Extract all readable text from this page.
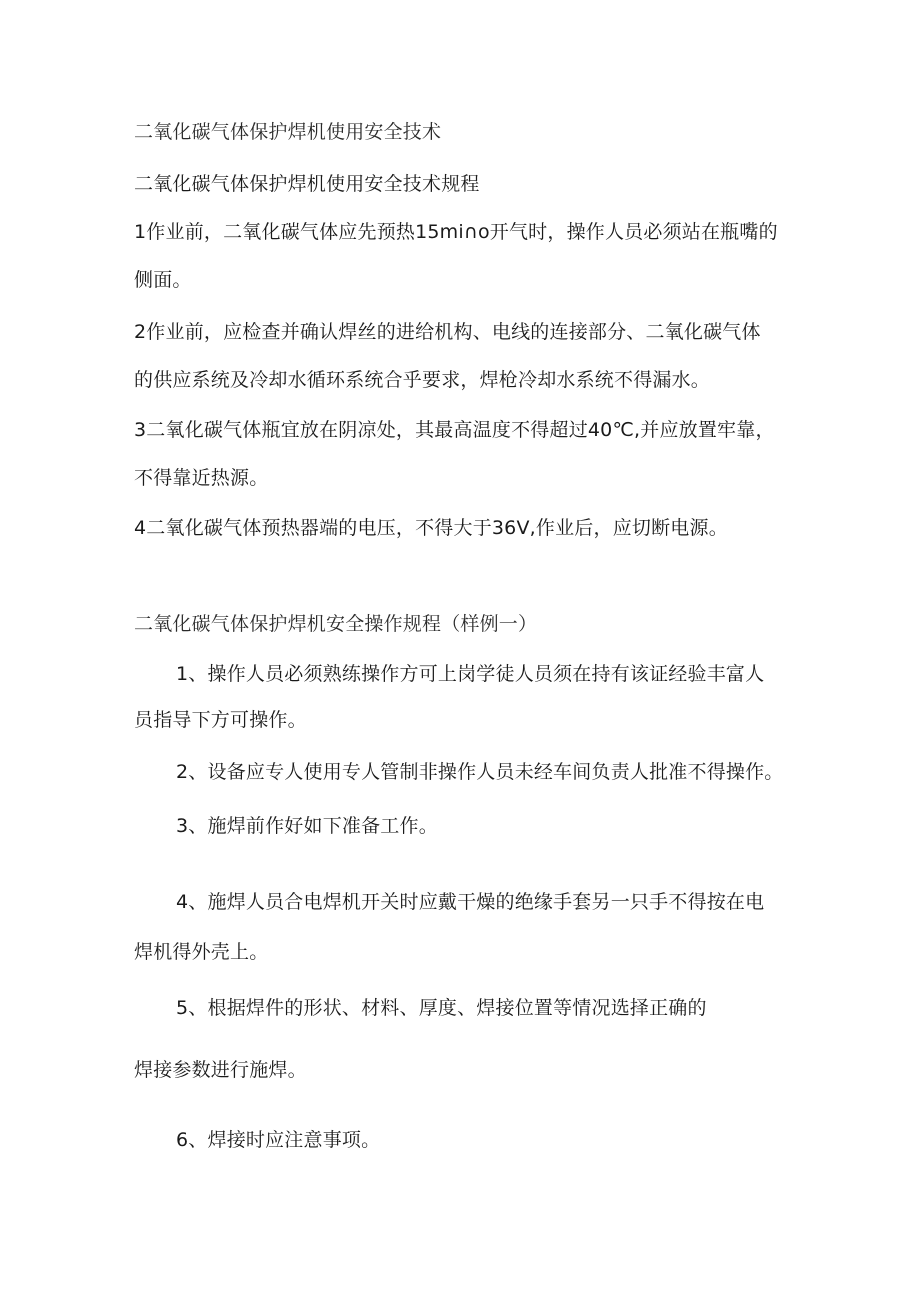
二氧化碳气体保护焊机使用安全技术
二氧化碳气体保护焊机使用安全技术规程
1作业前，二氧化碳气体应先预热15mi∩o开气时，操作人员必须站在瓶嘴的
侧面。
2作业前，应检查并确认焊丝的进给机构、电线的连接部分、二氧化碳气体
的供应系统及冷却水循环系统合乎要求，焊枪冷却水系统不得漏水。
3二氧化碳气体瓶宜放在阴凉处，其最高温度不得超过40℃,并应放置牢靠，
不得靠近热源。
4二氧化碳气体预热器端的电压，不得大于36V,作业后，应切断电源。
二氧化碳气体保护焊机安全操作规程（样例一）
1、操作人员必须熟练操作方可上岗学徒人员须在持有该证经验丰富人
员指导下方可操作。
2、设备应专人使用专人管制非操作人员未经车间负责人批准不得操作。
3、施焊前作好如下准备工作。
4、施焊人员合电焊机开关时应戴干燥的绝缘手套另一只手不得按在电
焊机得外壳上。
5、根据焊件的形状、材料、厚度、焊接位置等情况选择正确的
焊接参数进行施焊。
6、焊接时应注意事项。
